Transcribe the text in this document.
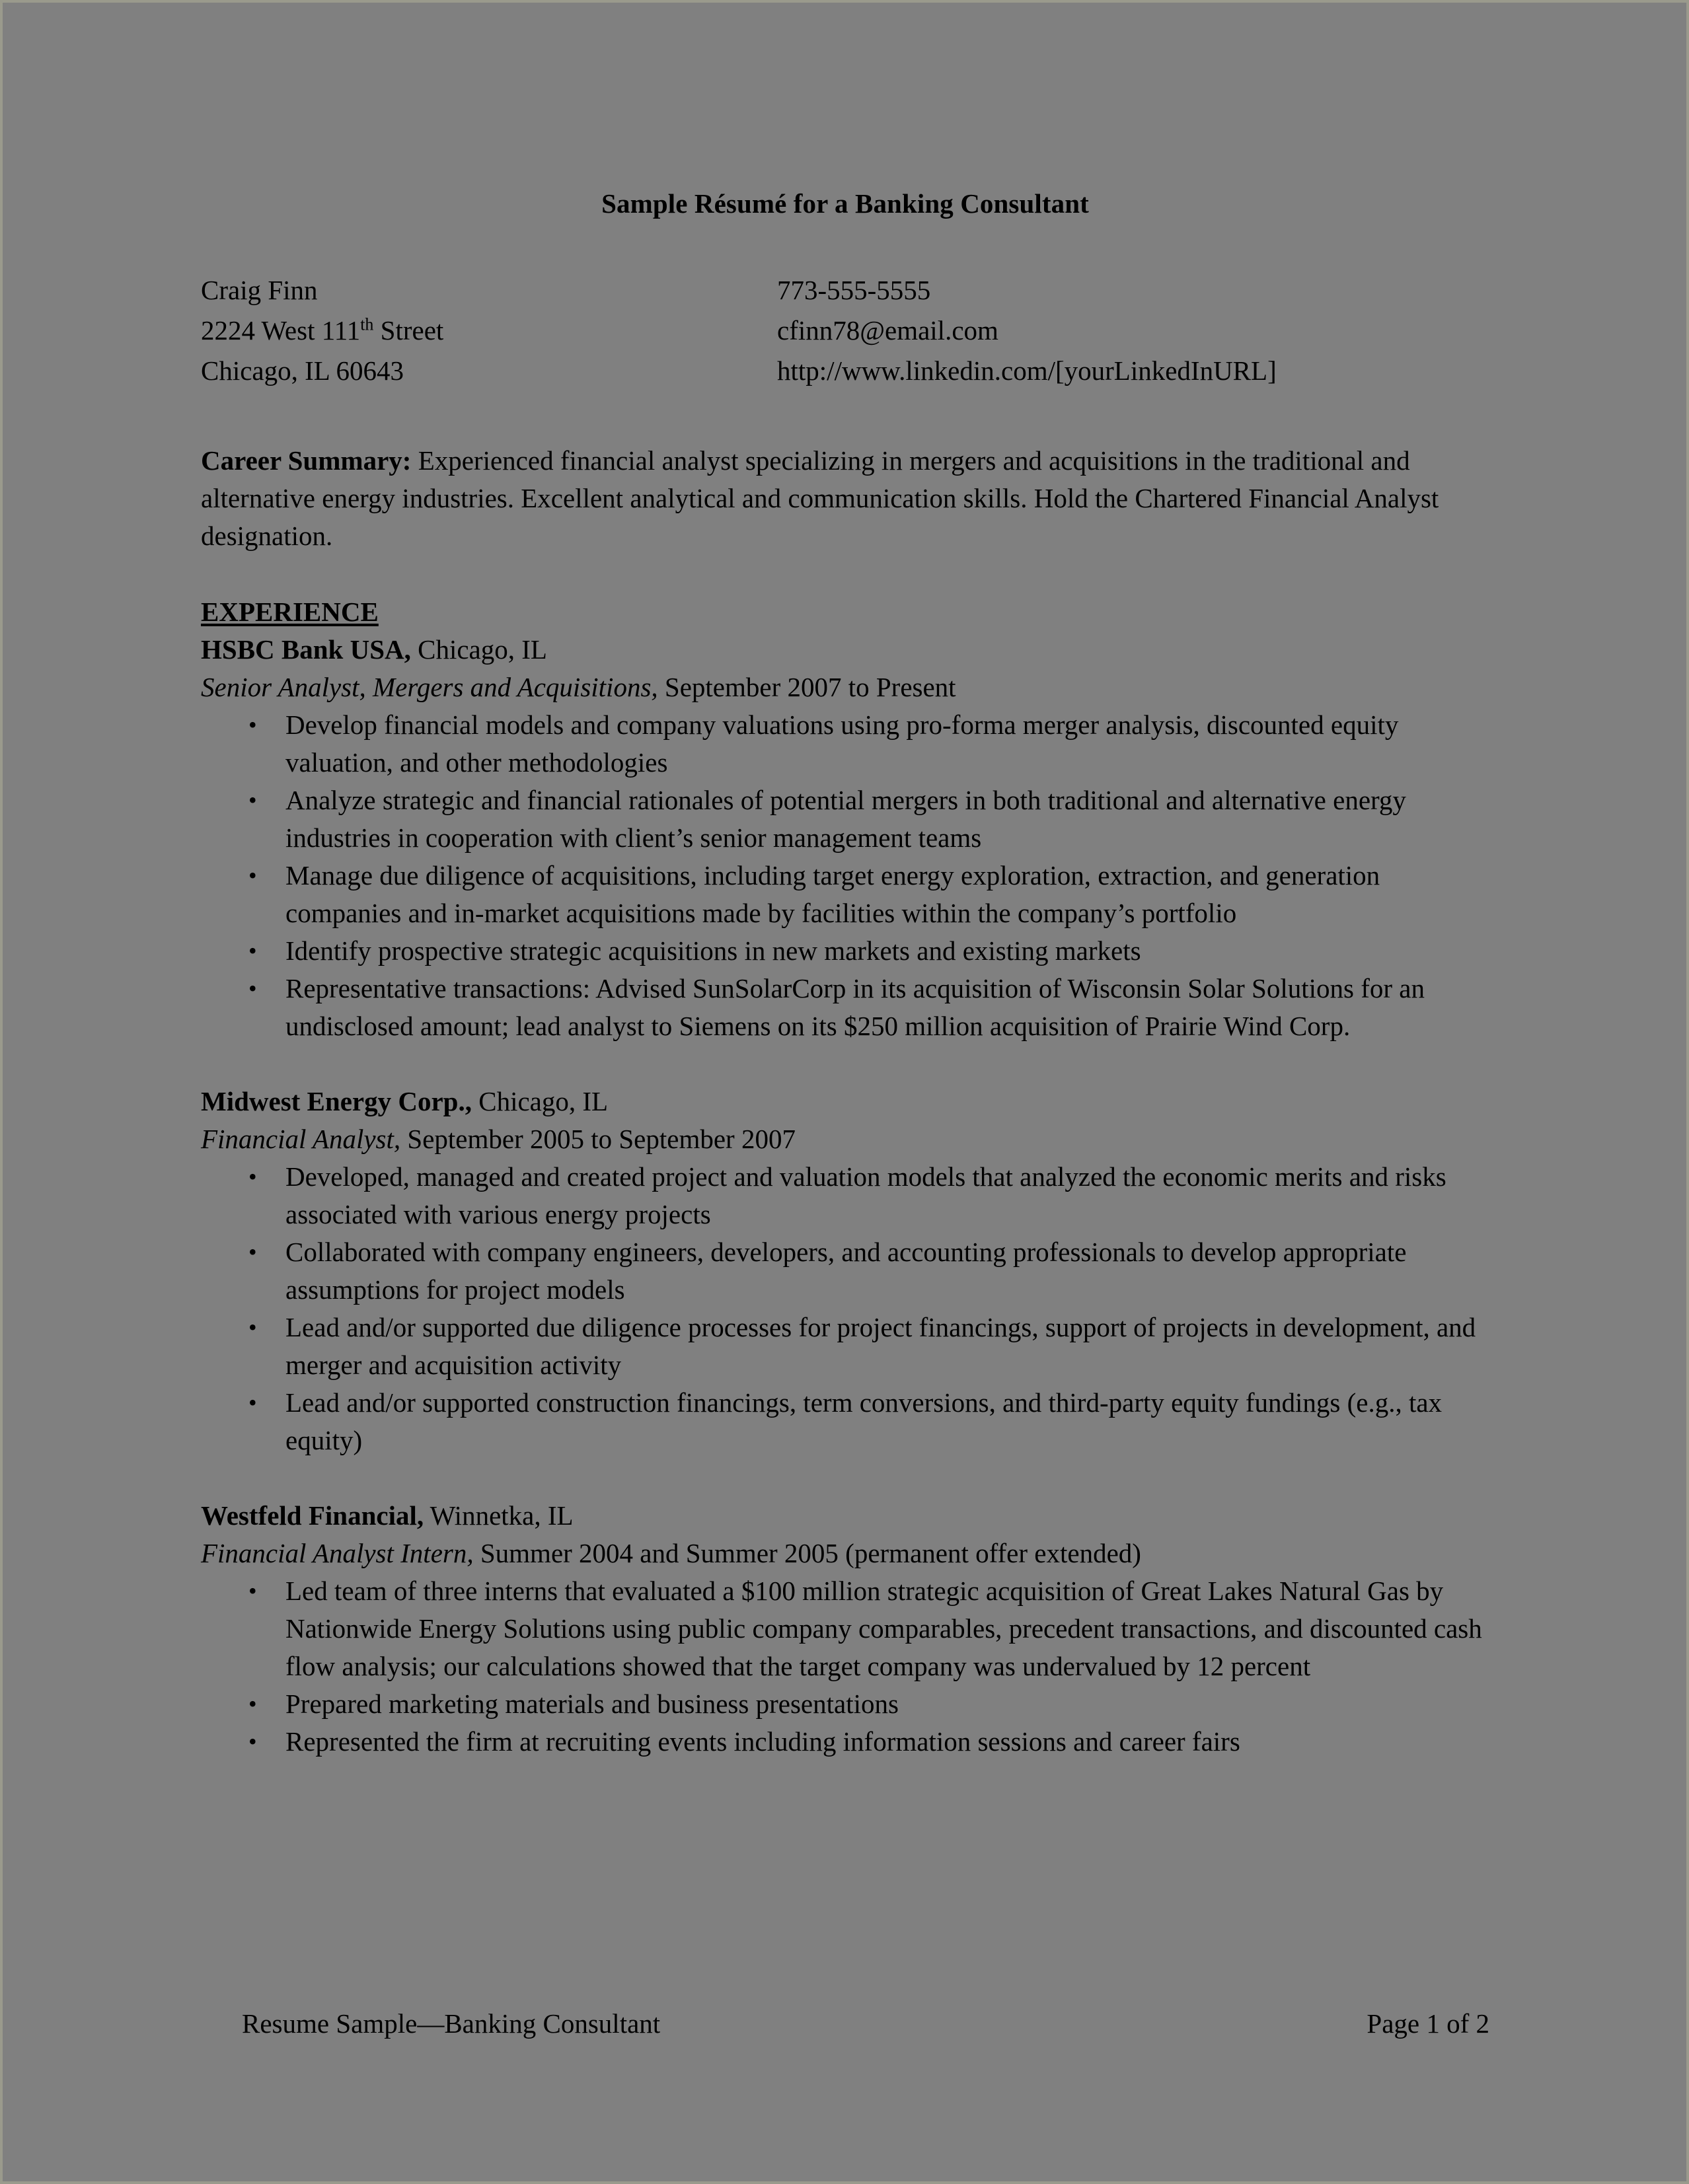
Sample Résumé for a Banking Consultant
Craig Finn	773-555-5555
2224 West 111th Street	cfinn78@email.com
Chicago, IL 60643	http://www.linkedin.com/[yourLinkedInURL]

Career Summary: Experienced financial analyst specializing in mergers and acquisitions in the traditional and alternative energy industries. Excellent analytical and communication skills. Hold the Chartered Financial Analyst designation.

EXPERIENCE
HSBC Bank USA, Chicago, IL
Senior Analyst, Mergers and Acquisitions, September 2007 to Present
• Develop financial models and company valuations using pro-forma merger analysis, discounted equity valuation, and other methodologies
• Analyze strategic and financial rationales of potential mergers in both traditional and alternative energy industries in cooperation with client’s senior management teams
• Manage due diligence of acquisitions, including target energy exploration, extraction, and generation companies and in-market acquisitions made by facilities within the company’s portfolio
• Identify prospective strategic acquisitions in new markets and existing markets
• Representative transactions: Advised SunSolarCorp in its acquisition of Wisconsin Solar Solutions for an undisclosed amount; lead analyst to Siemens on its $250 million acquisition of Prairie Wind Corp.
Midwest Energy Corp., Chicago, IL
Financial Analyst, September 2005 to September 2007
• Developed, managed and created project and valuation models that analyzed the economic merits and risks associated with various energy projects
• Collaborated with company engineers, developers, and accounting professionals to develop appropriate assumptions for project models
• Lead and/or supported due diligence processes for project financings, support of projects in development, and merger and acquisition activity
• Lead and/or supported construction financings, term conversions, and third-party equity fundings (e.g., tax equity)
Westfeld Financial, Winnetka, IL
Financial Analyst Intern, Summer 2004 and Summer 2005 (permanent offer extended)
• Led team of three interns that evaluated a $100 million strategic acquisition of Great Lakes Natural Gas by Nationwide Energy Solutions using public company comparables, precedent transactions, and discounted cash flow analysis; our calculations showed that the target company was undervalued by 12 percent
• Prepared marketing materials and business presentations
• Represented the firm at recruiting events including information sessions and career fairs
Resume Sample—Banking Consultant	Page 1 of 2
